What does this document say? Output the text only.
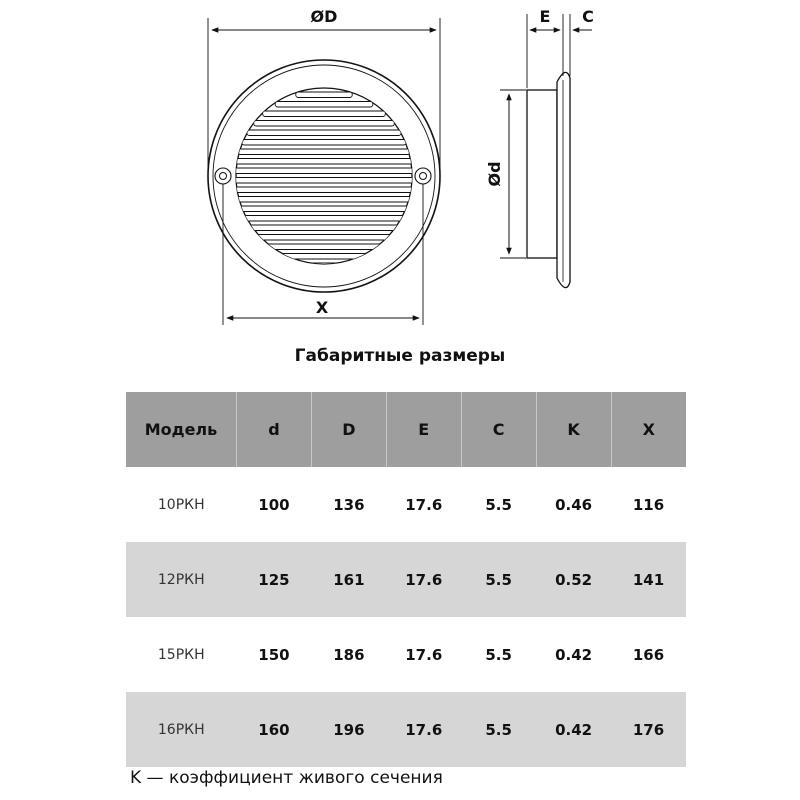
ØD
X
E C
Ød
Габаритные размеры
Модель	d	D	E	C	K	X
10РКН	100	136	17.6	5.5	0.46	116
12РКН	125	161	17.6	5.5	0.52	141
15РКН	150	186	17.6	5.5	0.42	166
16РКН	160	196	17.6	5.5	0.42	176
K — коэффициент живого сечения
